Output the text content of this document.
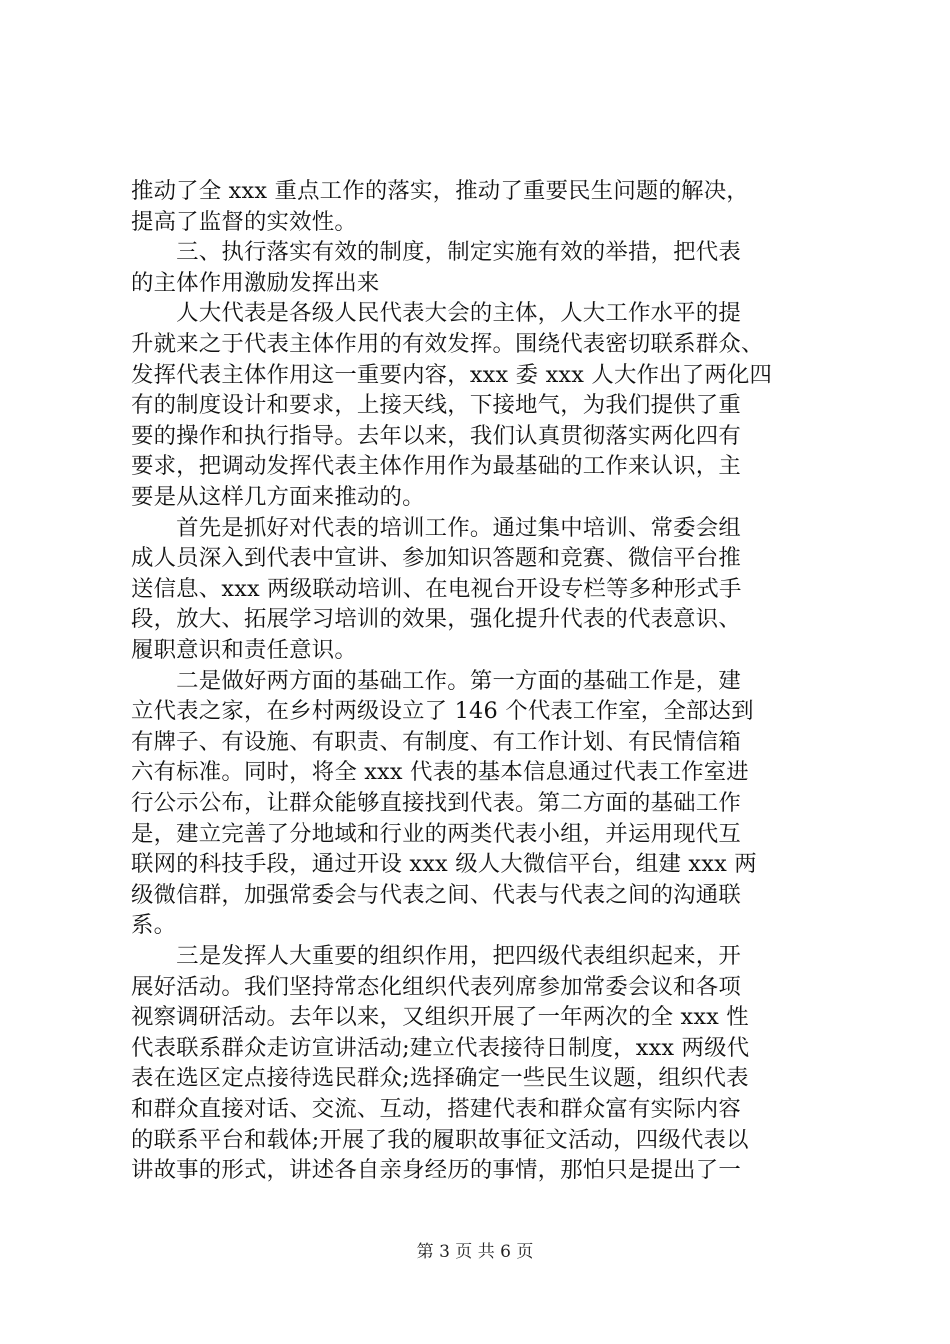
推动了全 xxx 重点工作的落实，推动了重要民生问题的解决，
提高了监督的实效性。
　　三、执行落实有效的制度，制定实施有效的举措，把代表
的主体作用激励发挥出来
　　人大代表是各级人民代表大会的主体，人大工作水平的提
升就来之于代表主体作用的有效发挥。围绕代表密切联系群众、
发挥代表主体作用这一重要内容，xxx 委 xxx 人大作出了两化四
有的制度设计和要求，上接天线，下接地气，为我们提供了重
要的操作和执行指导。去年以来，我们认真贯彻落实两化四有
要求，把调动发挥代表主体作用作为最基础的工作来认识，主
要是从这样几方面来推动的。
　　首先是抓好对代表的培训工作。通过集中培训、常委会组
成人员深入到代表中宣讲、参加知识答题和竞赛、微信平台推
送信息、xxx 两级联动培训、在电视台开设专栏等多种形式手
段，放大、拓展学习培训的效果，强化提升代表的代表意识、
履职意识和责任意识。
　　二是做好两方面的基础工作。第一方面的基础工作是，建
立代表之家，在乡村两级设立了 146 个代表工作室，全部达到
有牌子、有设施、有职责、有制度、有工作计划、有民情信箱
六有标准。同时，将全 xxx 代表的基本信息通过代表工作室进
行公示公布，让群众能够直接找到代表。第二方面的基础工作
是，建立完善了分地域和行业的两类代表小组，并运用现代互
联网的科技手段，通过开设 xxx 级人大微信平台，组建 xxx 两
级微信群，加强常委会与代表之间、代表与代表之间的沟通联
系。
　　三是发挥人大重要的组织作用，把四级代表组织起来，开
展好活动。我们坚持常态化组织代表列席参加常委会议和各项
视察调研活动。去年以来，又组织开展了一年两次的全 xxx 性
代表联系群众走访宣讲活动;建立代表接待日制度，xxx 两级代
表在选区定点接待选民群众;选择确定一些民生议题，组织代表
和群众直接对话、交流、互动，搭建代表和群众富有实际内容
的联系平台和载体;开展了我的履职故事征文活动，四级代表以
讲故事的形式，讲述各自亲身经历的事情，那怕只是提出了一
第 3 页 共 6 页
